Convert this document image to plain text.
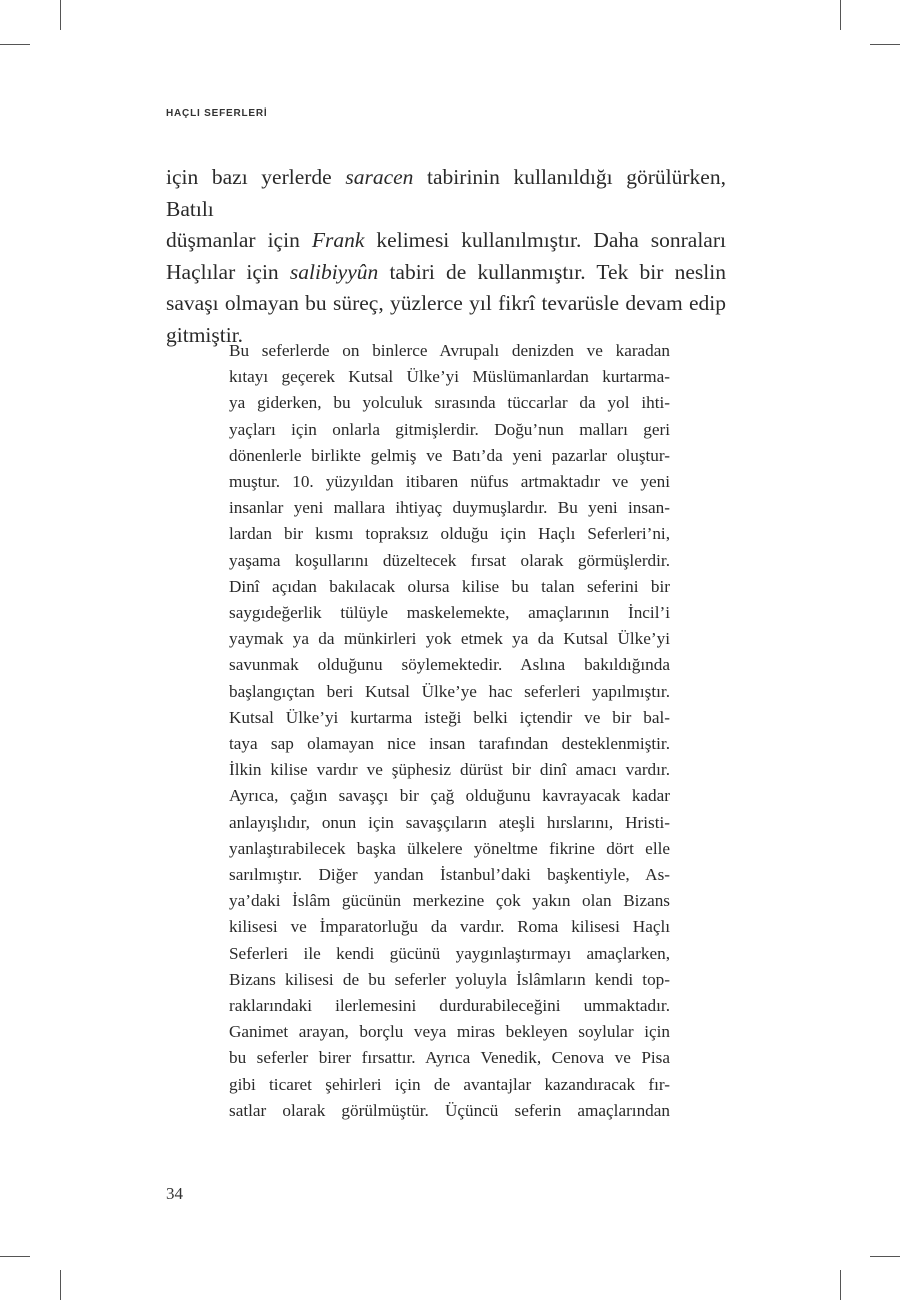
HAÇLI SEFERLERİ
için bazı yerlerde saracen tabirinin kullanıldığı görülürken, Batılı
düşmanlar için Frank kelimesi kullanılmıştır. Daha sonraları
Haçlılar için salibiyyûn tabiri de kullanmıştır. Tek bir neslin
savaşı olmayan bu süreç, yüzlerce yıl fikrî tevarüsle devam edip
gitmiştir.
Bu seferlerde on binlerce Avrupalı denizden ve karadan
kıtayı geçerek Kutsal Ülke’yi Müslümanlardan kurtarma-
ya giderken, bu yolculuk sırasında tüccarlar da yol ihti-
yaçları için onlarla gitmişlerdir. Doğu’nun malları geri
dönenlerle birlikte gelmiş ve Batı’da yeni pazarlar oluştur-
muştur. 10. yüzyıldan itibaren nüfus artmaktadır ve yeni
insanlar yeni mallara ihtiyaç duymuşlardır. Bu yeni insan-
lardan bir kısmı topraksız olduğu için Haçlı Seferleri’ni,
yaşama koşullarını düzeltecek fırsat olarak görmüşlerdir.
Dinî açıdan bakılacak olursa kilise bu talan seferini bir
saygıdeğerlik tülüyle maskelemekte, amaçlarının İncil’i
yaymak ya da münkirleri yok etmek ya da Kutsal Ülke’yi
savunmak olduğunu söylemektedir. Aslına bakıldığında
başlangıçtan beri Kutsal Ülke’ye hac seferleri yapılmıştır.
Kutsal Ülke’yi kurtarma isteği belki içtendir ve bir bal-
taya sap olamayan nice insan tarafından desteklenmiştir.
İlkin kilise vardır ve şüphesiz dürüst bir dinî amacı vardır.
Ayrıca, çağın savaşçı bir çağ olduğunu kavrayacak kadar
anlayışlıdır, onun için savaşçıların ateşli hırslarını, Hristi-
yanlaştırabilecek başka ülkelere yöneltme fikrine dört elle
sarılmıştır. Diğer yandan İstanbul’daki başkentiyle, As-
ya’daki İslâm gücünün merkezine çok yakın olan Bizans
kilisesi ve İmparatorluğu da vardır. Roma kilisesi Haçlı
Seferleri ile kendi gücünü yaygınlaştırmayı amaçlarken,
Bizans kilisesi de bu seferler yoluyla İslâmların kendi top-
raklarındaki ilerlemesini durdurabileceğini ummaktadır.
Ganimet arayan, borçlu veya miras bekleyen soylular için
bu seferler birer fırsattır. Ayrıca Venedik, Cenova ve Pisa
gibi ticaret şehirleri için de avantajlar kazandıracak fır-
satlar olarak görülmüştür. Üçüncü seferin amaçlarından
34
